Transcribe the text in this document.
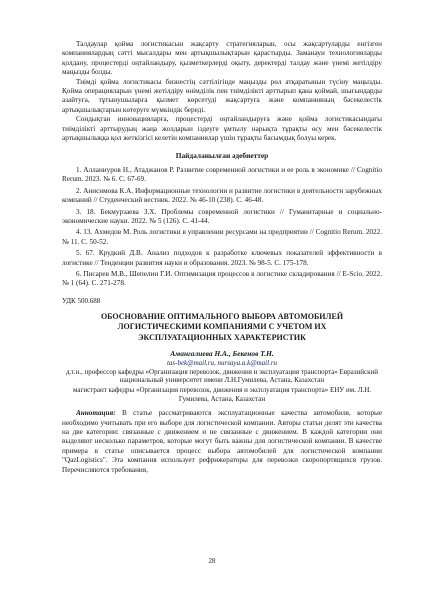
Талдаулар қойма логистикасын жақсарту стратегияларын, осы жақсартуларды енгізген компаниялардың сәтті мысалдары мен артықшылықтарын қарастырды. Заманауи технологияларды қолдану, процестерді оңтайландыру, қызметкерлерді оқыту, деректерді талдау және үнемі жетілдіру маңызды болды.

Тиімді қойма логистикасы бизнестің сәттілігінде маңызды рөл атқаратынын түсіну маңызды. Қойма операцияларын үнемі жетілдіру өнімділік пен тиімділікті арттырып қана қоймай, шығындарды азайтуға, тұтынушыларға қызмет көрсетуді жақсартуға және компанияның бәсекелестік артықшылықтарын көтеруге мүмкіндік береді.

Сондықтан инновацияларға, процестерді оңтайландыруға және қойма логистикасындағы тиімділікті арттырудың жаңа жолдарын іздеуге ұмтылу нарықта тұрақты өсу мен бәсекелестік артықшылыққа қол жеткізгісі келетін компаниялар үшін тұрақты басымдық болуы керек.

Пайдаланылған әдебиеттер
1. Алланиуров Н., Атаджанов Р. Развитие современной логистики и ее роль в экономике // Cognitio Rerum. 2023. № 6. С. 67-69.
2. Анисимова К.А. Информационные технологии и развитие логистики в деятельности зарубежных компаний // Студенческий вестник. 2022. № 46-10 (238). С. 46-48.
3. 18. Бекмурзаева З.Х. Проблемы современной логистики // Гуманитарные и социально-экономические науки. 2022. № 5 (126). С. 41-44.
4. 13. Ахмедов М. Роль логистики в управлении ресурсами на предприятии // Cognitio Rerum. 2022. № 11. С. 50-52.
5. 67. Крудкий Д.В. Анализ подходов к разработке ключевых показателей эффективности в логистике // Тенденции развития науки и образования. 2023. № 98-5. С. 175-178.
6. Писарев М.В., Шепелин Г.И. Оптимизация процессов в логистике складирования // E-Scio. 2022. № 1 (64). С. 271-278.
УДК 500.688
ОБОСНОВАНИЕ ОПТИМАЛЬНОГО ВЫБОРА АВТОМОБИЛЕЙ ЛОГИСТИЧЕСКИМИ КОМПАНИЯМИ С УЧЕТОМ ИХ ЭКСПЛУАТАЦИОННЫХ ХАРАКТЕРИСТИК
Амангалиева Н.А., Бекенов Т.Н.
tas-bek@mail.ru, nursaya.a.k@mail.ru
д.т.н., профессор кафедры «Организация перевозок, движения и эксплуатация транспорта» Евразийский национальный университет имени Л.Н.Гумилева, Астана, Казахстан
магистрант кафедры «Организация перевозок, движения и эксплуатация транспорта» ЕНУ им. Л.Н. Гумилева, Астана, Казахстан

Аннотация: В статье рассматриваются эксплуатационные качества автомобиля, которые необходимо учитывать при его выборе для логистической компании. Авторы статьи делят эти качества на две категории: связанные с движением и не связанные с движением. В каждой категории они выделяют несколько параметров, которые могут быть важны для логистической компании. В качестве примера в статье описывается процесс выбора автомобилей для логистической компании "QazLogistics". Эта компания использует рефрижераторы для перевозки скоропортящихся грузов. Перечисляются требования,

28
